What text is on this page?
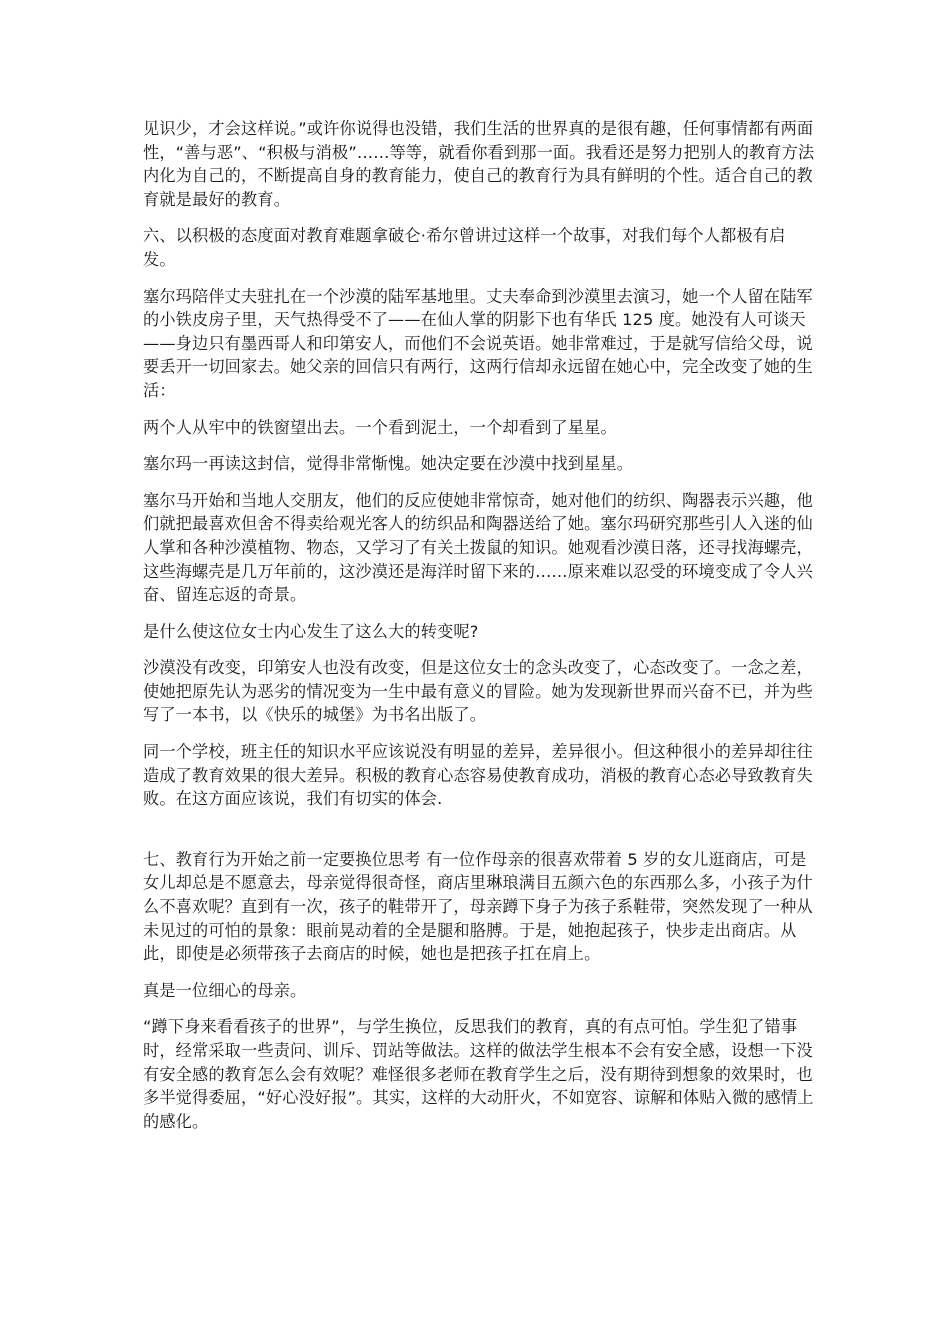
见识少，才会这样说。”或许你说得也没错，我们生活的世界真的是很有趣，任何事情都有两面性，“善与恶”、“积极与消极”……等等，就看你看到那一面。我看还是努力把别人的教育方法内化为自己的，不断提高自身的教育能力，使自己的教育行为具有鲜明的个性。适合自己的教育就是最好的教育。

六、以积极的态度面对教育难题拿破仑·希尔曾讲过这样一个故事，对我们每个人都极有启发。

塞尔玛陪伴丈夫驻扎在一个沙漠的陆军基地里。丈夫奉命到沙漠里去演习，她一个人留在陆军的小铁皮房子里，天气热得受不了——在仙人掌的阴影下也有华氏 125 度。她没有人可谈天——身边只有墨西哥人和印第安人，而他们不会说英语。她非常难过，于是就写信给父母，说要丢开一切回家去。她父亲的回信只有两行，这两行信却永远留在她心中，完全改变了她的生活：

两个人从牢中的铁窗望出去。一个看到泥土，一个却看到了星星。

塞尔玛一再读这封信，觉得非常惭愧。她决定要在沙漠中找到星星。

塞尔马开始和当地人交朋友，他们的反应使她非常惊奇，她对他们的纺织、陶器表示兴趣，他们就把最喜欢但舍不得卖给观光客人的纺织品和陶器送给了她。塞尔玛研究那些引人入迷的仙人掌和各种沙漠植物、物态，又学习了有关土拨鼠的知识。她观看沙漠日落，还寻找海螺壳，这些海螺壳是几万年前的，这沙漠还是海洋时留下来的……原来难以忍受的环境变成了令人兴奋、留连忘返的奇景。

是什么使这位女士内心发生了这么大的转变呢?

沙漠没有改变，印第安人也没有改变，但是这位女士的念头改变了，心态改变了。一念之差，使她把原先认为恶劣的情况变为一生中最有意义的冒险。她为发现新世界而兴奋不已，并为些写了一本书，以《快乐的城堡》为书名出版了。

同一个学校，班主任的知识水平应该说没有明显的差异，差异很小。但这种很小的差异却往往造成了教育效果的很大差异。积极的教育心态容易使教育成功，消极的教育心态必导致教育失败。在这方面应该说，我们有切实的体会.

七、教育行为开始之前一定要换位思考 有一位作母亲的很喜欢带着 5 岁的女儿逛商店，可是女儿却总是不愿意去，母亲觉得很奇怪，商店里琳琅满目五颜六色的东西那么多，小孩子为什么不喜欢呢？直到有一次，孩子的鞋带开了，母亲蹲下身子为孩子系鞋带，突然发现了一种从未见过的可怕的景象：眼前晃动着的全是腿和胳膊。于是，她抱起孩子，快步走出商店。从此，即使是必须带孩子去商店的时候，她也是把孩子扛在肩上。

真是一位细心的母亲。

“蹲下身来看看孩子的世界”，与学生换位，反思我们的教育，真的有点可怕。学生犯了错事时，经常采取一些责问、训斥、罚站等做法。这样的做法学生根本不会有安全感，设想一下没有安全感的教育怎么会有效呢？难怪很多老师在教育学生之后，没有期待到想象的效果时，也多半觉得委屈，“好心没好报”。其实，这样的大动肝火，不如宽容、谅解和体贴入微的感情上的感化。
